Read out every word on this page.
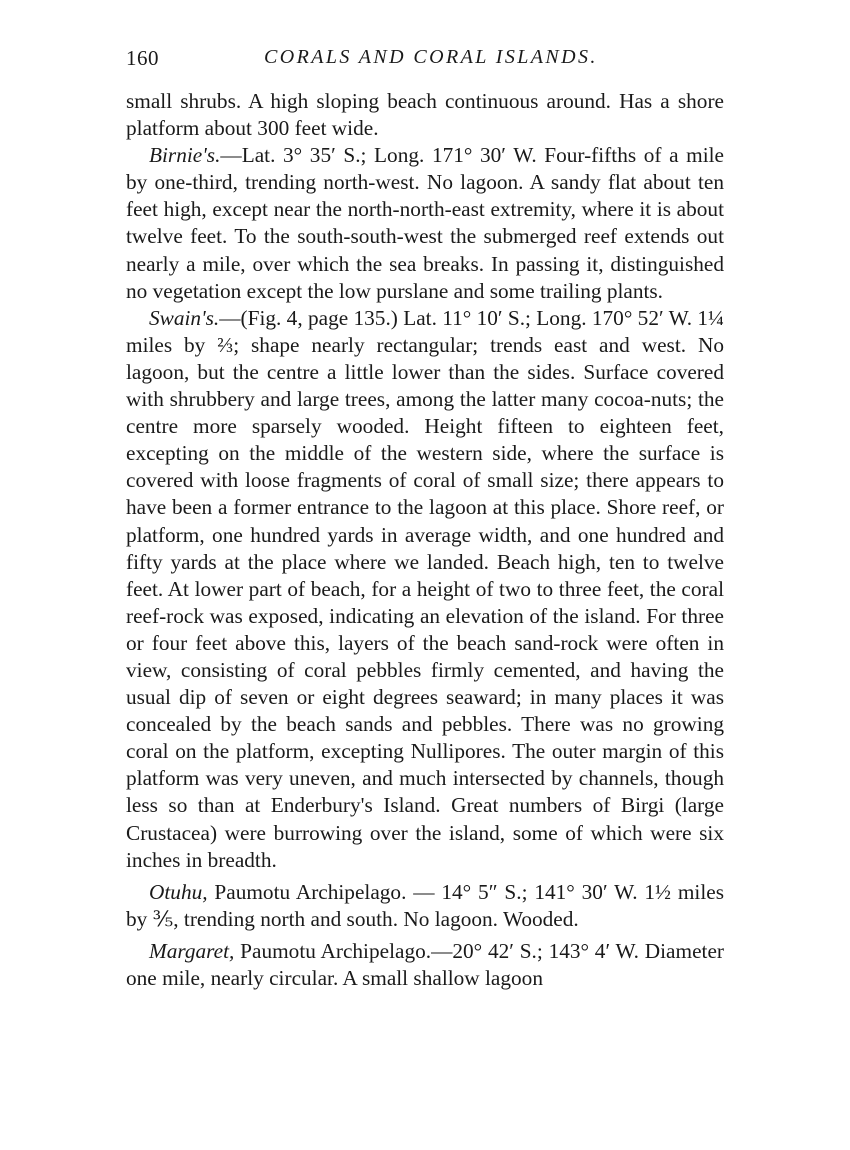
160	CORALS AND CORAL ISLANDS.

small shrubs. A high sloping beach continuous around. Has a shore platform about 300 feet wide.

Birnie's.—Lat. 3° 35′ S.; Long. 171° 30′ W. Four-fifths of a mile by one-third, trending north-west. No lagoon. A sandy flat about ten feet high, except near the north-north-east extremity, where it is about twelve feet. To the south-south-west the submerged reef extends out nearly a mile, over which the sea breaks. In passing it, distinguished no vegetation except the low purslane and some trailing plants.

Swain's.—(Fig. 4, page 135.) Lat. 11° 10′ S.; Long. 170° 52′ W. 1¼ miles by ⅔; shape nearly rectangular; trends east and west. No lagoon, but the centre a little lower than the sides. Surface covered with shrubbery and large trees, among the latter many cocoa-nuts; the centre more sparsely wooded. Height fifteen to eighteen feet, excepting on the middle of the western side, where the surface is covered with loose fragments of coral of small size; there appears to have been a former entrance to the lagoon at this place. Shore reef, or platform, one hundred yards in average width, and one hundred and fifty yards at the place where we landed. Beach high, ten to twelve feet. At lower part of beach, for a height of two to three feet, the coral reef-rock was exposed, indicating an elevation of the island. For three or four feet above this, layers of the beach sand-rock were often in view, consisting of coral pebbles firmly cemented, and having the usual dip of seven or eight degrees seaward; in many places it was concealed by the beach sands and pebbles. There was no growing coral on the platform, excepting Nullipores. The outer margin of this platform was very uneven, and much intersected by channels, though less so than at Enderbury's Island. Great numbers of Birgi (large Crustacea) were burrowing over the island, some of which were six inches in breadth.

Otuhu, Paumotu Archipelago. — 14° 5″ S.; 141° 30′ W. 1½ miles by ⅗, trending north and south. No lagoon. Wooded.

Margaret, Paumotu Archipelago.—20° 42′ S.; 143° 4′ W. Diameter one mile, nearly circular. A small shallow lagoon
